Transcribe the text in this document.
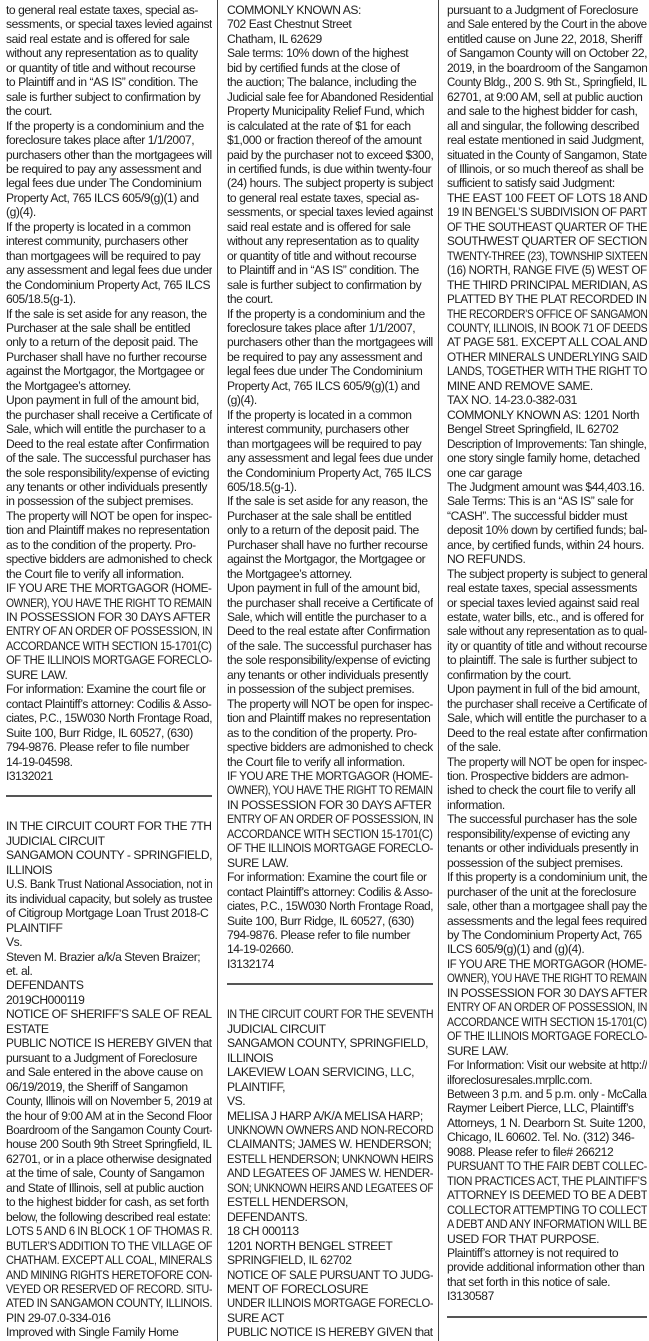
to general real estate taxes, special as-
sessments, or special taxes levied against
said real estate and is offered for sale
without any representation as to quality
or quantity of title and without recourse
to Plaintiff and in “AS IS” condition. The
sale is further subject to confirmation by
the court.
If the property is a condominium and the
foreclosure takes place after 1/1/2007,
purchasers other than the mortgagees will
be required to pay any assessment and
legal fees due under The Condominium
Property Act, 765 ILCS 605/9(g)(1) and
(g)(4).
If the property is located in a common
interest community, purchasers other
than mortgagees will be required to pay
any assessment and legal fees due under
the Condominium Property Act, 765 ILCS
605/18.5(g-1).
If the sale is set aside for any reason, the
Purchaser at the sale shall be entitled
only to a return of the deposit paid. The
Purchaser shall have no further recourse
against the Mortgagor, the Mortgagee or
the Mortgagee’s attorney.
Upon payment in full of the amount bid,
the purchaser shall receive a Certificate of
Sale, which will entitle the purchaser to a
Deed to the real estate after Confirmation
of the sale. The successful purchaser has
the sole responsibility/expense of evicting
any tenants or other individuals presently
in possession of the subject premises.
The property will NOT be open for inspec-
tion and Plaintiff makes no representation
as to the condition of the property. Pro-
spective bidders are admonished to check
the Court file to verify all information.
IF YOU ARE THE MORTGAGOR (HOME-
OWNER), YOU HAVE THE RIGHT TO REMAIN
IN POSSESSION FOR 30 DAYS AFTER
ENTRY OF AN ORDER OF POSSESSION, IN
ACCORDANCE WITH SECTION 15-1701(C)
OF THE ILLINOIS MORTGAGE FORECLO-
SURE LAW.
For information: Examine the court file or
contact Plaintiff’s attorney: Codilis & Asso-
ciates, P.C., 15W030 North Frontage Road,
Suite 100, Burr Ridge, IL 60527, (630)
794-9876. Please refer to file number
14-19-04598.
I3132021
IN THE CIRCUIT COURT FOR THE 7TH
JUDICIAL CIRCUIT
SANGAMON COUNTY - SPRINGFIELD,
ILLINOIS
U.S. Bank Trust National Association, not in
its individual capacity, but solely as trustee
of Citigroup Mortgage Loan Trust 2018-C
PLAINTIFF
Vs.
Steven M. Brazier a/k/a Steven Braizer;
et. al.
DEFENDANTS
2019CH000119
NOTICE OF SHERIFF’S SALE OF REAL
ESTATE
PUBLIC NOTICE IS HEREBY GIVEN that
pursuant to a Judgment of Foreclosure
and Sale entered in the above cause on
06/19/2019, the Sheriff of Sangamon
County, Illinois will on November 5, 2019 at
the hour of 9:00 AM at in the Second Floor
Boardroom of the Sangamon County Court-
house 200 South 9th Street Springfield, IL
62701, or in a place otherwise designated
at the time of sale, County of Sangamon
and State of Illinois, sell at public auction
to the highest bidder for cash, as set forth
below, the following described real estate:
LOTS 5 AND 6 IN BLOCK 1 OF THOMAS R.
BUTLER’S ADDITION TO THE VILLAGE OF
CHATHAM. EXCEPT ALL COAL, MINERALS
AND MINING RIGHTS HERETOFORE CON-
VEYED OR RESERVED OF RECORD. SITU-
ATED IN SANGAMON COUNTY, ILLINOIS.
PIN 29-07.0-334-016
Improved with Single Family Home
COMMONLY KNOWN AS:
702 East Chestnut Street
Chatham, IL 62629
Sale terms: 10% down of the highest
bid by certified funds at the close of
the auction; The balance, including the
Judicial sale fee for Abandoned Residential
Property Municipality Relief Fund, which
is calculated at the rate of $1 for each
$1,000 or fraction thereof of the amount
paid by the purchaser not to exceed $300,
in certified funds, is due within twenty-four
(24) hours. The subject property is subject
to general real estate taxes, special as-
sessments, or special taxes levied against
said real estate and is offered for sale
without any representation as to quality
or quantity of title and without recourse
to Plaintiff and in “AS IS” condition. The
sale is further subject to confirmation by
the court.
If the property is a condominium and the
foreclosure takes place after 1/1/2007,
purchasers other than the mortgagees will
be required to pay any assessment and
legal fees due under The Condominium
Property Act, 765 ILCS 605/9(g)(1) and
(g)(4).
If the property is located in a common
interest community, purchasers other
than mortgagees will be required to pay
any assessment and legal fees due under
the Condominium Property Act, 765 ILCS
605/18.5(g-1).
If the sale is set aside for any reason, the
Purchaser at the sale shall be entitled
only to a return of the deposit paid. The
Purchaser shall have no further recourse
against the Mortgagor, the Mortgagee or
the Mortgagee’s attorney.
Upon payment in full of the amount bid,
the purchaser shall receive a Certificate of
Sale, which will entitle the purchaser to a
Deed to the real estate after Confirmation
of the sale. The successful purchaser has
the sole responsibility/expense of evicting
any tenants or other individuals presently
in possession of the subject premises.
The property will NOT be open for inspec-
tion and Plaintiff makes no representation
as to the condition of the property. Pro-
spective bidders are admonished to check
the Court file to verify all information.
IF YOU ARE THE MORTGAGOR (HOME-
OWNER), YOU HAVE THE RIGHT TO REMAIN
IN POSSESSION FOR 30 DAYS AFTER
ENTRY OF AN ORDER OF POSSESSION, IN
ACCORDANCE WITH SECTION 15-1701(C)
OF THE ILLINOIS MORTGAGE FORECLO-
SURE LAW.
For information: Examine the court file or
contact Plaintiff’s attorney: Codilis & Asso-
ciates, P.C., 15W030 North Frontage Road,
Suite 100, Burr Ridge, IL 60527, (630)
794-9876. Please refer to file number
14-19-02660.
I3132174
IN THE CIRCUIT COURT FOR THE SEVENTH
JUDICIAL CIRCUIT
SANGAMON COUNTY, SPRINGFIELD,
ILLINOIS
LAKEVIEW LOAN SERVICING, LLC,
PLAINTIFF,
VS.
MELISA J HARP A/K/A MELISA HARP;
UNKNOWN OWNERS AND NON-RECORD
CLAIMANTS; JAMES W. HENDERSON;
ESTELL HENDERSON; UNKNOWN HEIRS
AND LEGATEES OF JAMES W. HENDER-
SON; UNKNOWN HEIRS AND LEGATEES OF
ESTELL HENDERSON,
DEFENDANTS.
18 CH 000113
1201 NORTH BENGEL STREET
SPRINGFIELD, IL 62702
NOTICE OF SALE PURSUANT TO JUDG-
MENT OF FORECLOSURE
UNDER ILLINOIS MORTGAGE FORECLO-
SURE ACT
PUBLIC NOTICE IS HEREBY GIVEN that
pursuant to a Judgment of Foreclosure
and Sale entered by the Court in the above
entitled cause on June 22, 2018, Sheriff
of Sangamon County will on October 22,
2019, in the boardroom of the Sangamon
County Bldg., 200 S. 9th St., Springfield, IL
62701, at 9:00 AM, sell at public auction
and sale to the highest bidder for cash,
all and singular, the following described
real estate mentioned in said Judgment,
situated in the County of Sangamon, State
of Illinois, or so much thereof as shall be
sufficient to satisfy said Judgment:
THE EAST 100 FEET OF LOTS 18 AND
19 IN BENGEL’S SUBDIVISION OF PART
OF THE SOUTHEAST QUARTER OF THE
SOUTHWEST QUARTER OF SECTION
TWENTY-THREE (23), TOWNSHIP SIXTEEN
(16) NORTH, RANGE FIVE (5) WEST OF
THE THIRD PRINCIPAL MERIDIAN, AS
PLATTED BY THE PLAT RECORDED IN
THE RECORDER’S OFFICE OF SANGAMON
COUNTY, ILLINOIS, IN BOOK 71 OF DEEDS
AT PAGE 581. EXCEPT ALL COAL AND
OTHER MINERALS UNDERLYING SAID
LANDS, TOGETHER WITH THE RIGHT TO
MINE AND REMOVE SAME.
TAX NO. 14-23.0-382-031
COMMONLY KNOWN AS: 1201 North
Bengel Street Springfield, IL 62702
Description of Improvements: Tan shingle,
one story single family home, detached
one car garage
The Judgment amount was $44,403.16.
Sale Terms: This is an “AS IS” sale for
“CASH”. The successful bidder must
deposit 10% down by certified funds; bal-
ance, by certified funds, within 24 hours.
NO REFUNDS.
The subject property is subject to general
real estate taxes, special assessments
or special taxes levied against said real
estate, water bills, etc., and is offered for
sale without any representation as to qual-
ity or quantity of title and without recourse
to plaintiff. The sale is further subject to
confirmation by the court.
Upon payment in full of the bid amount,
the purchaser shall receive a Certificate of
Sale, which will entitle the purchaser to a
Deed to the real estate after confirmation
of the sale.
The property will NOT be open for inspec-
tion. Prospective bidders are admon-
ished to check the court file to verify all
information.
The successful purchaser has the sole
responsibility/expense of evicting any
tenants or other individuals presently in
possession of the subject premises.
If this property is a condominium unit, the
purchaser of the unit at the foreclosure
sale, other than a mortgagee shall pay the
assessments and the legal fees required
by The Condominium Property Act, 765
ILCS 605/9(g)(1) and (g)(4).
IF YOU ARE THE MORTGAGOR (HOME-
OWNER), YOU HAVE THE RIGHT TO REMAIN
IN POSSESSION FOR 30 DAYS AFTER
ENTRY OF AN ORDER OF POSSESSION, IN
ACCORDANCE WITH SECTION 15-1701(C)
OF THE ILLINOIS MORTGAGE FORECLO-
SURE LAW.
For Information: Visit our website at http://
ilforeclosuresales.mrpllc.com.
Between 3 p.m. and 5 p.m. only - McCalla
Raymer Leibert Pierce, LLC, Plaintiff’s
Attorneys, 1 N. Dearborn St. Suite 1200,
Chicago, IL 60602. Tel. No. (312) 346-
9088. Please refer to file# 266212
PURSUANT TO THE FAIR DEBT COLLEC-
TION PRACTICES ACT, THE PLAINTIFF’S
ATTORNEY IS DEEMED TO BE A DEBT
COLLECTOR ATTEMPTING TO COLLECT
A DEBT AND ANY INFORMATION WILL BE
USED FOR THAT PURPOSE.
Plaintiff’s attorney is not required to
provide additional information other than
that set forth in this notice of sale.
I3130587
